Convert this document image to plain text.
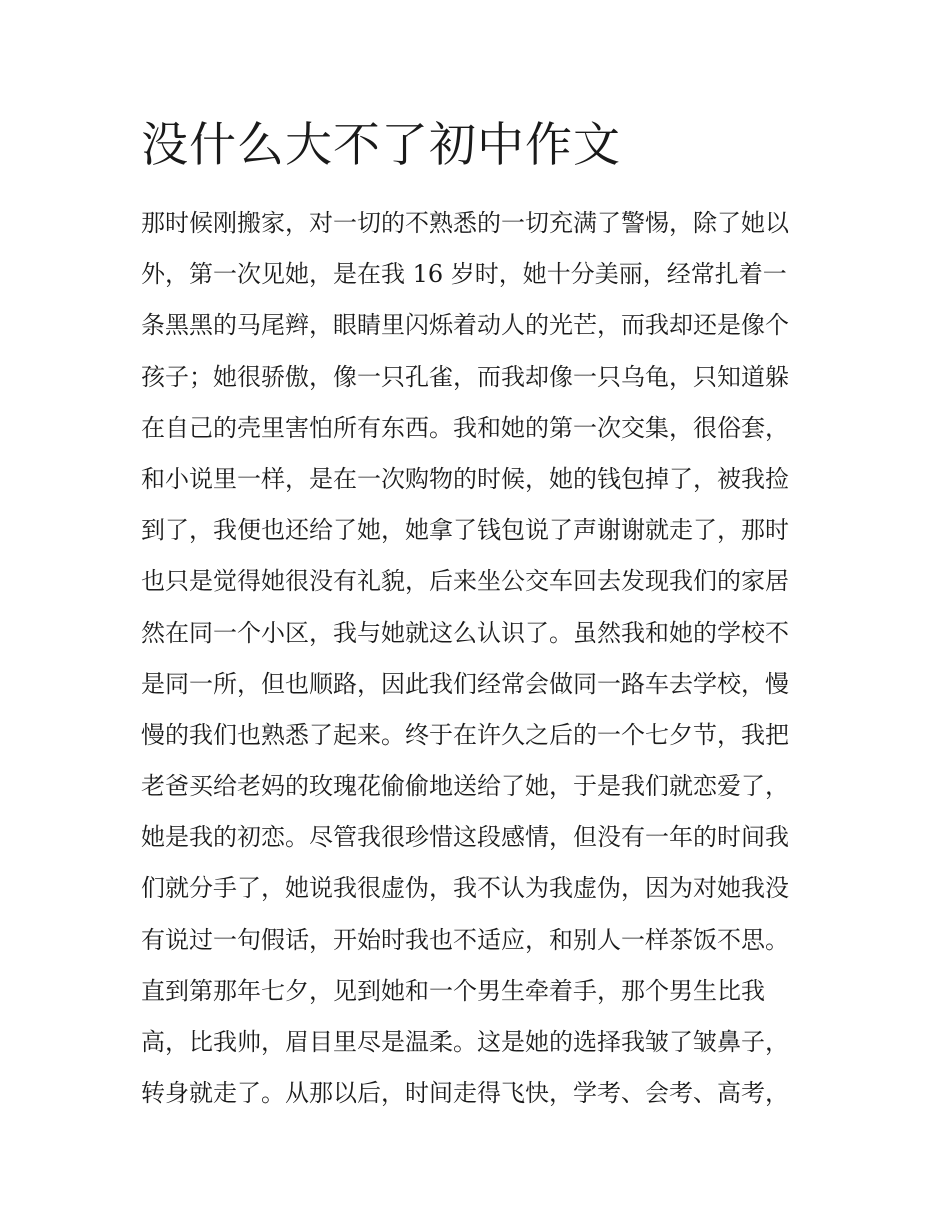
没什么大不了初中作文
那时候刚搬家，对一切的不熟悉的一切充满了警惕，除了她以
外，第一次见她，是在我 16 岁时，她十分美丽，经常扎着一
条黑黑的马尾辫，眼睛里闪烁着动人的光芒，而我却还是像个
孩子；她很骄傲，像一只孔雀，而我却像一只乌龟，只知道躲
在自己的壳里害怕所有东西。我和她的第一次交集，很俗套，
和小说里一样，是在一次购物的时候，她的钱包掉了，被我捡
到了，我便也还给了她，她拿了钱包说了声谢谢就走了，那时
也只是觉得她很没有礼貌，后来坐公交车回去发现我们的家居
然在同一个小区，我与她就这么认识了。虽然我和她的学校不
是同一所，但也顺路，因此我们经常会做同一路车去学校，慢
慢的我们也熟悉了起来。终于在许久之后的一个七夕节，我把
老爸买给老妈的玫瑰花偷偷地送给了她，于是我们就恋爱了，
她是我的初恋。尽管我很珍惜这段感情，但没有一年的时间我
们就分手了，她说我很虚伪，我不认为我虚伪，因为对她我没
有说过一句假话，开始时我也不适应，和别人一样茶饭不思。
直到第那年七夕，见到她和一个男生牵着手，那个男生比我
高，比我帅，眉目里尽是温柔。这是她的选择我皱了皱鼻子，
转身就走了。从那以后，时间走得飞快，学考、会考、高考，
